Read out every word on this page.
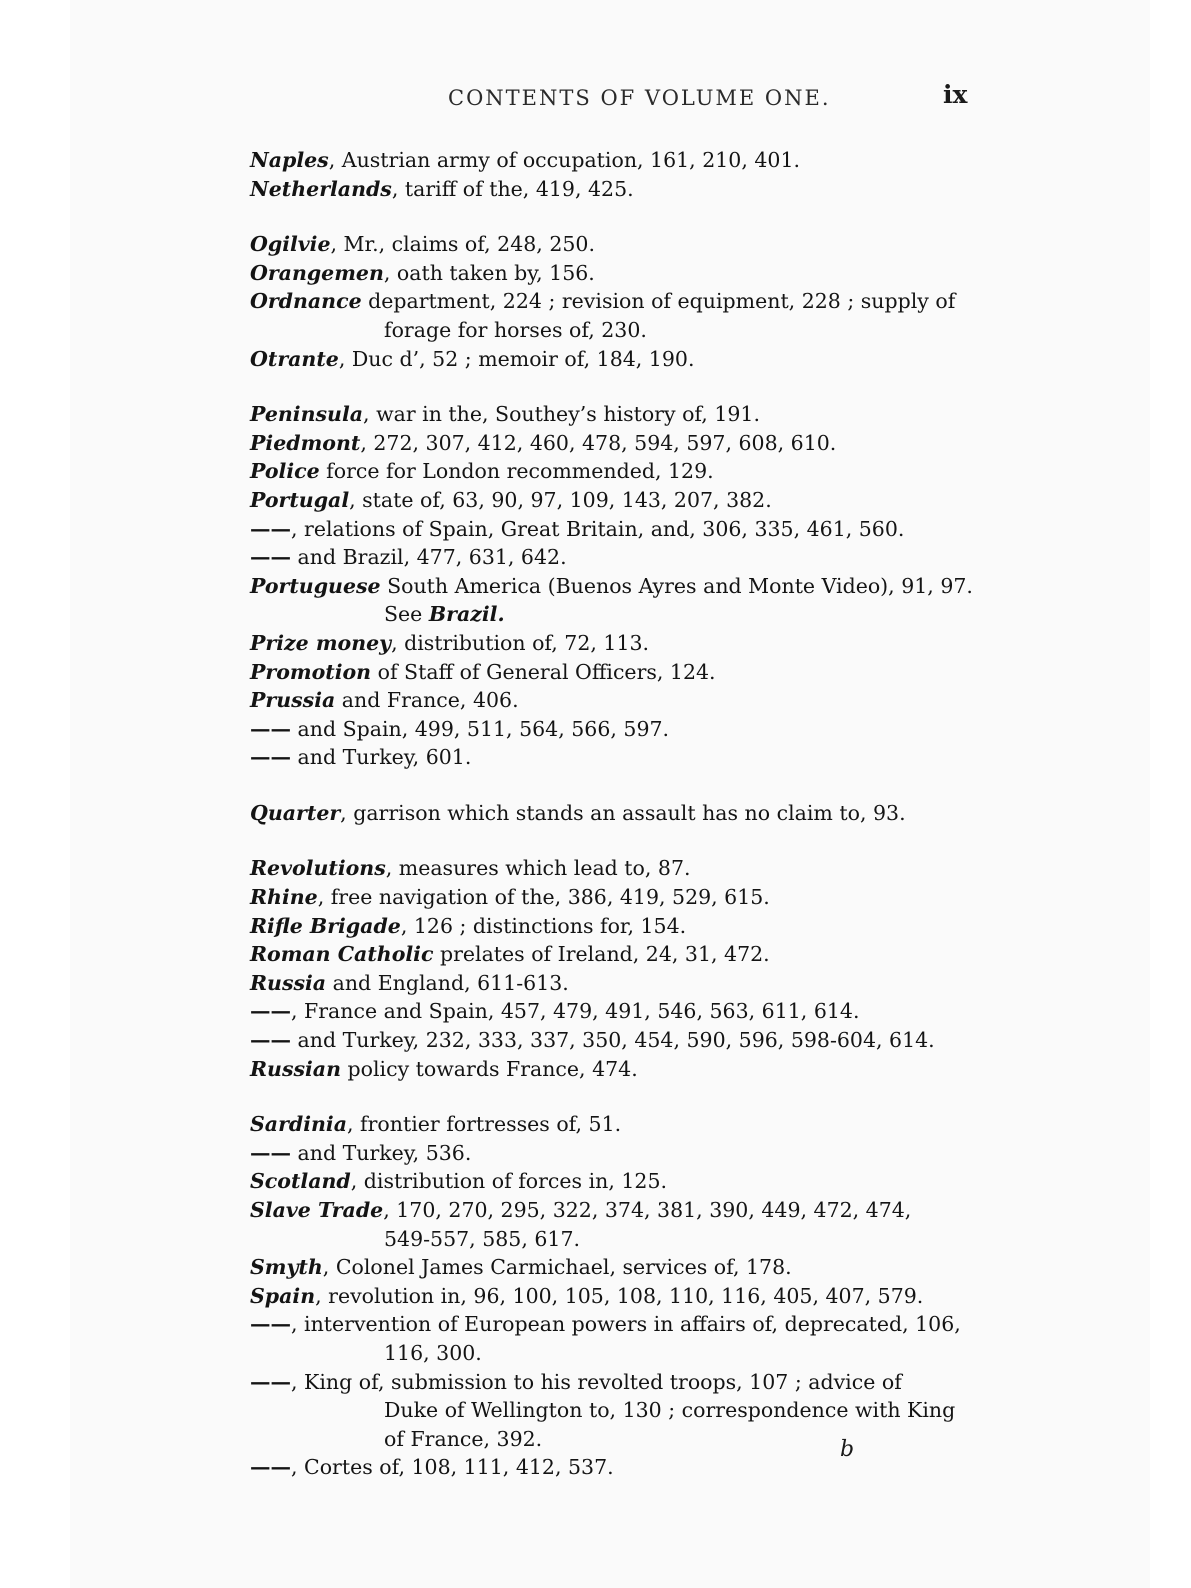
CONTENTS OF VOLUME ONE.	ix
Naples, Austrian army of occupation, 161, 210, 401.
Netherlands, tariff of the, 419, 425.
Ogilvie, Mr., claims of, 248, 250.
Orangemen, oath taken by, 156.
Ordnance department, 224 ; revision of equipment, 228 ; supply of
forage for horses of, 230.
Otrante, Duc d’, 52 ; memoir of, 184, 190.
Peninsula, war in the, Southey’s history of, 191.
Piedmont, 272, 307, 412, 460, 478, 594, 597, 608, 610.
Police force for London recommended, 129.
Portugal, state of, 63, 90, 97, 109, 143, 207, 382.
——, relations of Spain, Great Britain, and, 306, 335, 461, 560.
—— and Brazil, 477, 631, 642.
Portuguese South America (Buenos Ayres and Monte Video), 91, 97.
See Brazil.
Prize money, distribution of, 72, 113.
Promotion of Staff of General Officers, 124.
Prussia and France, 406.
—— and Spain, 499, 511, 564, 566, 597.
—— and Turkey, 601.
Quarter, garrison which stands an assault has no claim to, 93.
Revolutions, measures which lead to, 87.
Rhine, free navigation of the, 386, 419, 529, 615.
Rifle Brigade, 126 ; distinctions for, 154.
Roman Catholic prelates of Ireland, 24, 31, 472.
Russia and England, 611-613.
——, France and Spain, 457, 479, 491, 546, 563, 611, 614.
—— and Turkey, 232, 333, 337, 350, 454, 590, 596, 598-604, 614.
Russian policy towards France, 474.
Sardinia, frontier fortresses of, 51.
—— and Turkey, 536.
Scotland, distribution of forces in, 125.
Slave Trade, 170, 270, 295, 322, 374, 381, 390, 449, 472, 474,
549-557, 585, 617.
Smyth, Colonel James Carmichael, services of, 178.
Spain, revolution in, 96, 100, 105, 108, 110, 116, 405, 407, 579.
——, intervention of European powers in affairs of, deprecated, 106,
116, 300.
——, King of, submission to his revolted troops, 107 ; advice of
Duke of Wellington to, 130 ; correspondence with King
of France, 392.
——, Cortes of, 108, 111, 412, 537.
b
